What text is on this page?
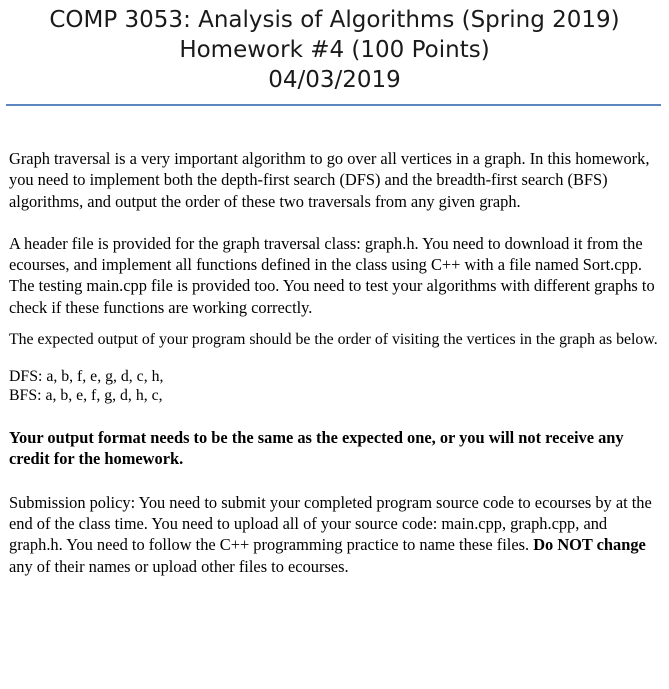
COMP 3053: Analysis of Algorithms (Spring 2019)
Homework #4 (100 Points)
04/03/2019

Graph traversal is a very important algorithm to go over all vertices in a graph. In this homework, you need to implement both the depth-first search (DFS) and the breadth-first search (BFS) algorithms, and output the order of these two traversals from any given graph.

A header file is provided for the graph traversal class: graph.h. You need to download it from the ecourses, and implement all functions defined in the class using C++ with a file named Sort.cpp. The testing main.cpp file is provided too. You need to test your algorithms with different graphs to check if these functions are working correctly.

The expected output of your program should be the order of visiting the vertices in the graph as below.

DFS: a, b, f, e, g, d, c, h,
BFS: a, b, e, f, g, d, h, c,

Your output format needs to be the same as the expected one, or you will not receive any credit for the homework.

Submission policy: You need to submit your completed program source code to ecourses by at the end of the class time. You need to upload all of your source code: main.cpp, graph.cpp, and graph.h. You need to follow the C++ programming practice to name these files. Do NOT change any of their names or upload other files to ecourses.
